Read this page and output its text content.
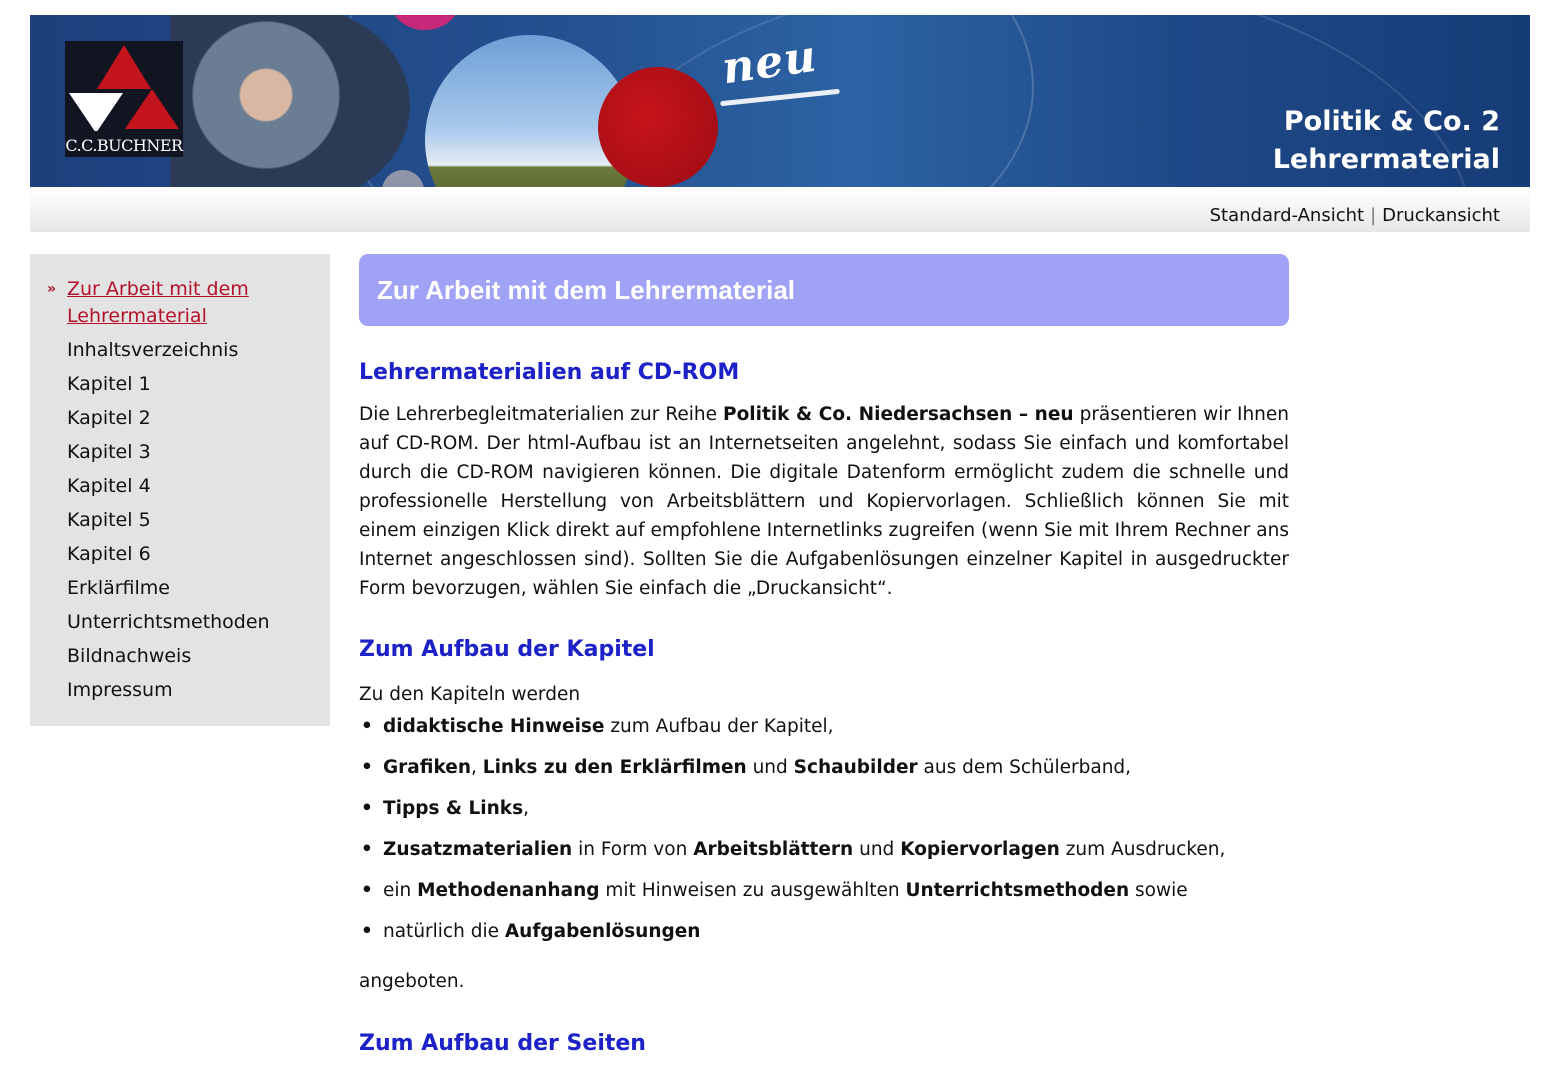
neu
C.C.BUCHNER
Politik & Co. 2
Lehrermaterial
Standard-Ansicht | Druckansicht
» Zur Arbeit mit dem Lehrermaterial
Inhaltsverzeichnis
Kapitel 1
Kapitel 2
Kapitel 3
Kapitel 4
Kapitel 5
Kapitel 6
Erklärfilme
Unterrichtsmethoden
Bildnachweis
Impressum
Zur Arbeit mit dem Lehrermaterial
Lehrermaterialien auf CD-ROM

Die Lehrerbegleitmaterialien zur Reihe Politik & Co. Niedersachsen – neu präsentieren wir Ihnen auf CD-ROM. Der html-Aufbau ist an Internetseiten angelehnt, sodass Sie einfach und komfortabel durch die CD-ROM navigieren können. Die digitale Datenform ermöglicht zudem die schnelle und professionelle Herstellung von Arbeitsblättern und Kopiervorlagen. Schließlich können Sie mit einem einzigen Klick direkt auf empfohlene Internetlinks zugreifen (wenn Sie mit Ihrem Rechner ans Internet angeschlossen sind). Sollten Sie die Aufgabenlösungen einzelner Kapitel in ausgedruckter Form bevorzugen, wählen Sie einfach die „Druckansicht“.

Zum Aufbau der Kapitel
Zu den Kapiteln werden
• didaktische Hinweise zum Aufbau der Kapitel,
• Grafiken, Links zu den Erklärfilmen und Schaubilder aus dem Schülerband,
• Tipps & Links,
• Zusatzmaterialien in Form von Arbeitsblättern und Kopiervorlagen zum Ausdrucken,
• ein Methodenanhang mit Hinweisen zu ausgewählten Unterrichtsmethoden sowie
• natürlich die Aufgabenlösungen
angeboten.
Zum Aufbau der Seiten
